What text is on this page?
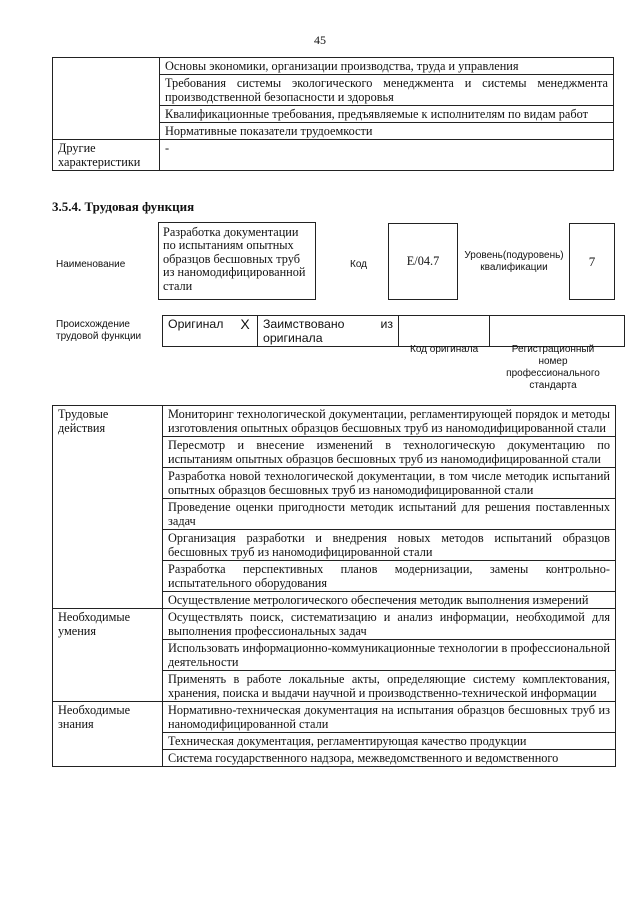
45
	Основы экономики, организации производства, труда и управления
	Требования системы экологического менеджмента и системы менеджмента производственной безопасности и здоровья
	Квалификационные требования, предъявляемые к исполнителям по видам работ
	Нормативные показатели трудоемкости
Другие характеристики	-
3.5.4. Трудовая функция
Наименование
Разработка документации по испытаниям опытных образцов бесшовных труб из наномодифицированной стали
Код	E/04.7	Уровень(подуровень) квалификации	7
Происхождение трудовой функции
Оригинал	X	Заимствовано из оригинала		
Код оригинала	Регистрационный номер профессионального стандарта
Трудовые действия	Мониторинг технологической документации, регламентирующей порядок и методы изготовления опытных образцов бесшовных труб из наномодифицированной стали
	Пересмотр и внесение изменений в технологическую документацию по испытаниям опытных образцов бесшовных труб из наномодифицированной стали
	Разработка новой технологической документации, в том числе методик испытаний опытных образцов бесшовных труб из наномодифицированной стали
	Проведение оценки пригодности методик испытаний для решения поставленных задач
	Организация разработки и внедрения новых методов испытаний образцов бесшовных труб из наномодифицированной стали
	Разработка перспективных планов модернизации, замены контрольно-испытательного оборудования
	Осуществление метрологического обеспечения методик выполнения измерений
Необходимые умения	Осуществлять поиск, систематизацию и анализ информации, необходимой для выполнения профессиональных задач
	Использовать информационно-коммуникационные технологии в профессиональной деятельности
	Применять в работе локальные акты, определяющие систему комплектования, хранения, поиска и выдачи научной и производственно-технической информации
Необходимые знания	Нормативно-техническая документация на испытания образцов бесшовных труб из наномодифицированной стали
	Техническая документация, регламентирующая качество продукции
	Система государственного надзора, межведомственного и ведомственного
